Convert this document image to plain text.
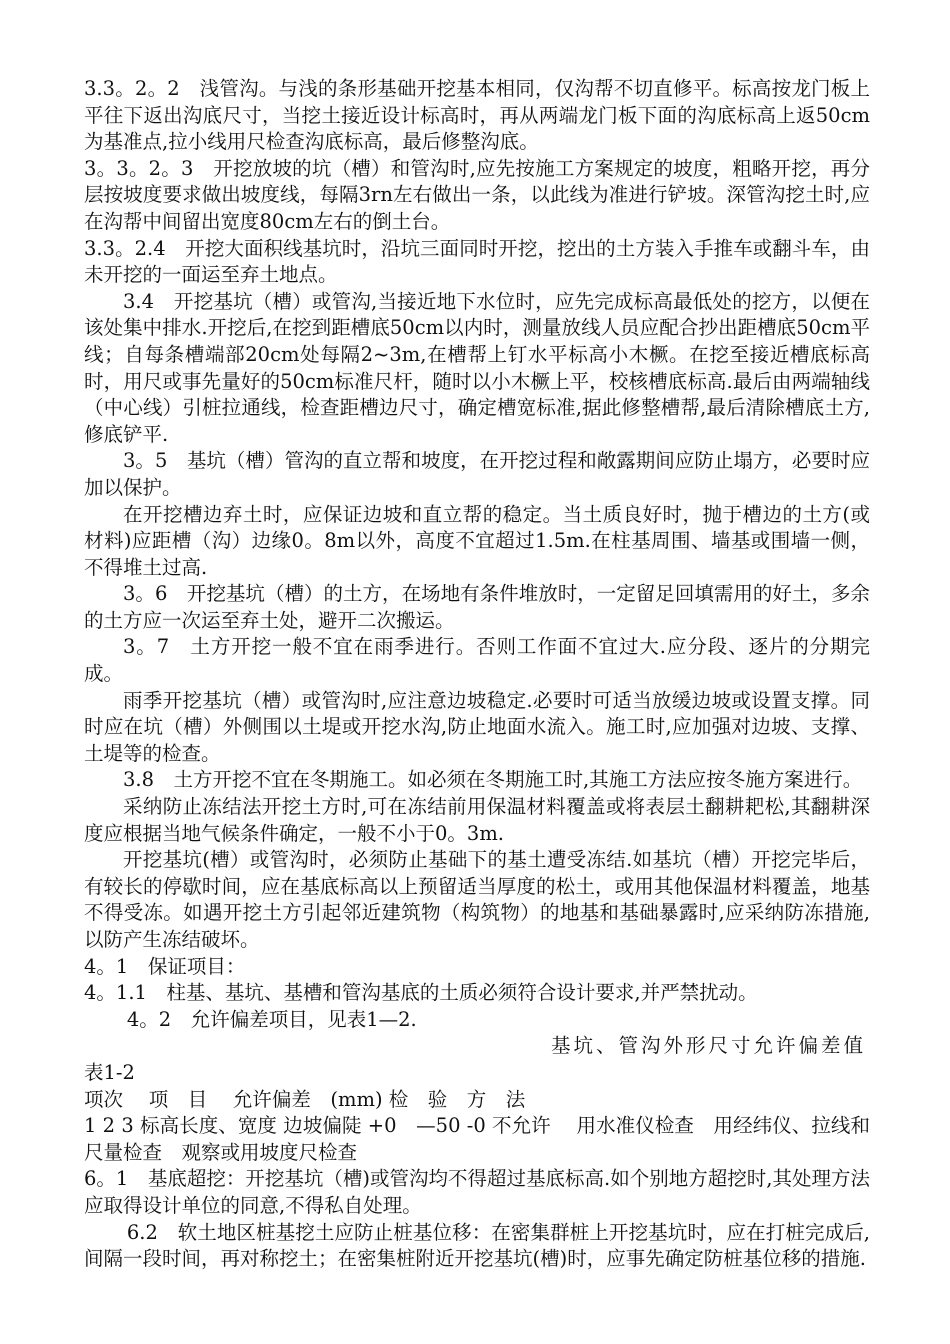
3.3。2。2　浅管沟。与浅的条形基础开挖基本相同，仅沟帮不切直修平。标高按龙门板上平往下返出沟底尺寸，当挖土接近设计标高时，再从两端龙门板下面的沟底标高上返50cm为基准点,拉小线用尺检查沟底标高，最后修整沟底。

3。3。2。3　开挖放坡的坑（槽）和管沟时,应先按施工方案规定的坡度，粗略开挖，再分层按坡度要求做出坡度线，每隔3rn左右做出一条，以此线为准进行铲坡。深管沟挖土时,应在沟帮中间留出宽度80cm左右的倒土台。

3.3。2.4　开挖大面积线基坑时，沿坑三面同时开挖，挖出的土方装入手推车或翻斗车，由未开挖的一面运至弃土地点。

3.4　开挖基坑（槽）或管沟,当接近地下水位时，应先完成标高最低处的挖方，以便在该处集中排水.开挖后,在挖到距槽底50cm以内时，测量放线人员应配合抄出距槽底50cm平线；自每条槽端部20cm处每隔2~3m,在槽帮上钉水平标高小木橛。在挖至接近槽底标高时，用尺或事先量好的50cm标准尺杆，随时以小木橛上平，校核槽底标高.最后由两端轴线（中心线）引桩拉通线，检查距槽边尺寸，确定槽宽标准,据此修整槽帮,最后清除槽底土方,修底铲平.

3。5　基坑（槽）管沟的直立帮和坡度，在开挖过程和敞露期间应防止塌方，必要时应加以保护。

在开挖槽边弃土时，应保证边坡和直立帮的稳定。当土质良好时，抛于槽边的土方(或材料)应距槽（沟）边缘0。8m以外，高度不宜超过1.5m.在柱基周围、墙基或围墙一侧，不得堆土过高.

3。6　开挖基坑（槽）的土方，在场地有条件堆放时，一定留足回填需用的好土，多余的土方应一次运至弃土处，避开二次搬运。

3。7　土方开挖一般不宜在雨季进行。否则工作面不宜过大.应分段、逐片的分期完成。

雨季开挖基坑（槽）或管沟时,应注意边坡稳定.必要时可适当放缓边坡或设置支撑。同时应在坑（槽）外侧围以土堤或开挖水沟,防止地面水流入。施工时,应加强对边坡、支撑、土堤等的检查。

3.8　土方开挖不宜在冬期施工。如必须在冬期施工时,其施工方法应按冬施方案进行。

采纳防止冻结法开挖土方时,可在冻结前用保温材料覆盖或将表层土翻耕耙松,其翻耕深度应根据当地气候条件确定，一般不小于0。3m.

开挖基坑(槽）或管沟时，必须防止基础下的基土遭受冻结.如基坑（槽）开挖完毕后，有较长的停歇时间，应在基底标高以上预留适当厚度的松土，或用其他保温材料覆盖，地基不得受冻。如遇开挖土方引起邻近建筑物（构筑物）的地基和基础暴露时,应采纳防冻措施,以防产生冻结破坏。

4。1　保证项目：

4。1.1　柱基、基坑、基槽和管沟基底的土质必须符合设计要求,并严禁扰动。

4。2　允许偏差项目，见表1—2.

基坑、管沟外形尺寸允许偏差值

表1-2

项次　 项　目　 允许偏差　(mm) 检　验　方　法

1 2 3 标高长度、宽度 边坡偏陡 +0　—50 -0 不允许　 用水准仪检查　用经纬仪、拉线和尺量检查　观察或用坡度尺检查

6。1　基底超挖：开挖基坑（槽)或管沟均不得超过基底标高.如个别地方超挖时,其处理方法应取得设计单位的同意,不得私自处理。

6.2　软土地区桩基挖土应防止桩基位移：在密集群桩上开挖基坑时，应在打桩完成后,间隔一段时间，再对称挖土；在密集桩附近开挖基坑(槽)时，应事先确定防桩基位移的措施.
